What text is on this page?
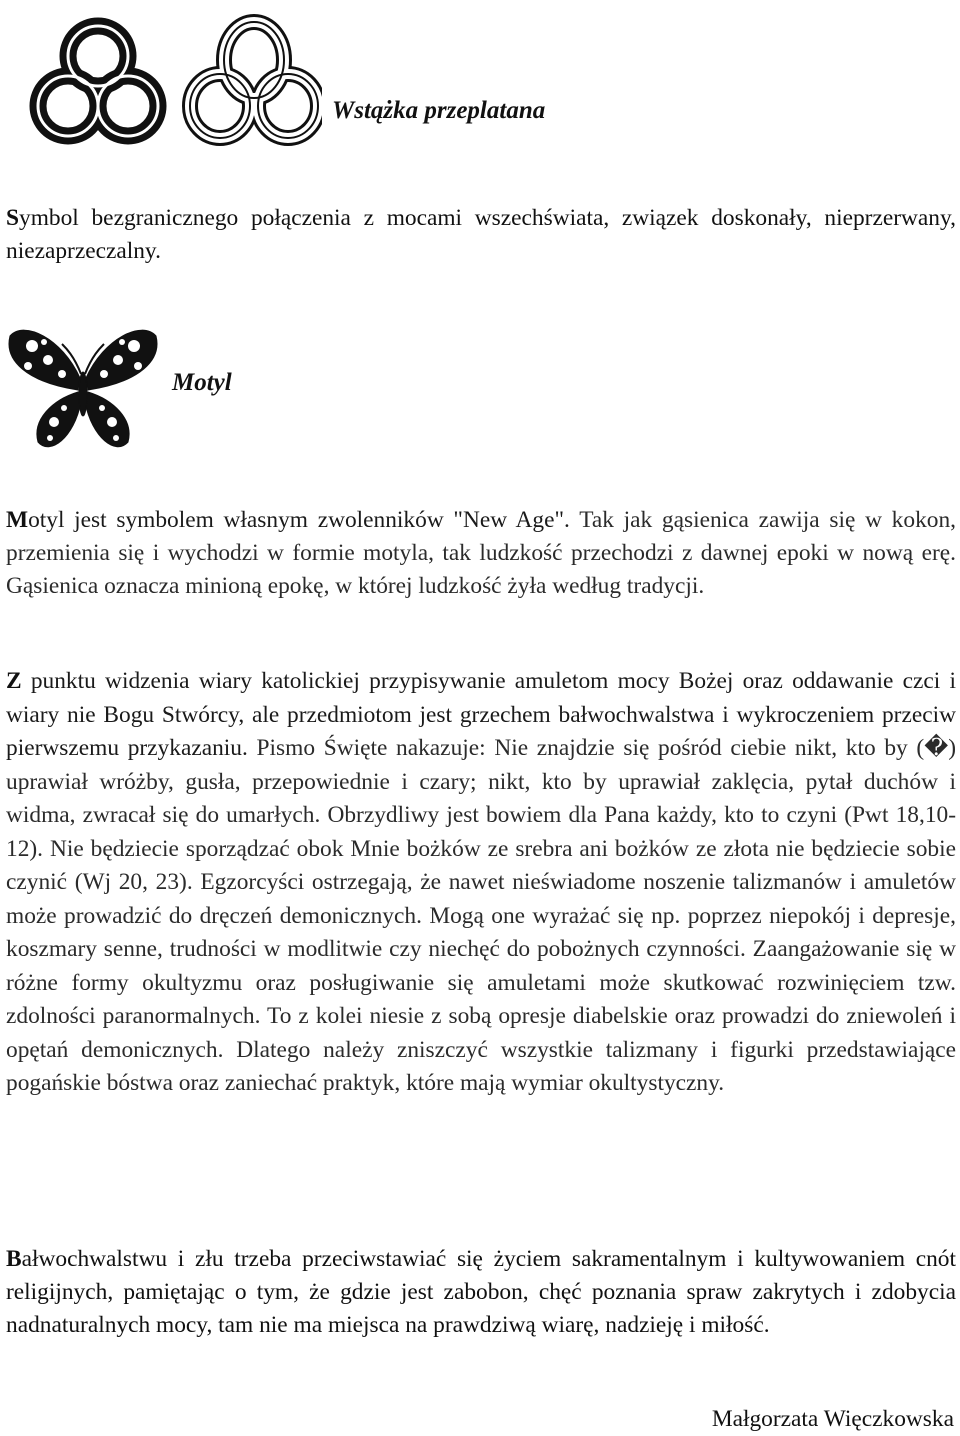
Wstążka przeplatana

Symbol bezgranicznego połączenia z mocami wszechświata, związek doskonały, nieprzerwany, niezaprzeczalny.

Motyl

Motyl jest symbolem własnym zwolenników "New Age". Tak jak gąsienica zawija się w kokon, przemienia się i wychodzi w formie motyla, tak ludzkość przechodzi z dawnej epoki w nową erę. Gąsienica oznacza minioną epokę, w której ludzkość żyła według tradycji.

Z punktu widzenia wiary katolickiej przypisywanie amuletom mocy Bożej oraz oddawanie czci i wiary nie Bogu Stwórcy, ale przedmiotom jest grzechem bałwochwalstwa i wykroczeniem przeciw pierwszemu przykazaniu. Pismo Święte nakazuje: Nie znajdzie się pośród ciebie nikt, kto by (�) uprawiał wróżby, gusła, przepowiednie i czary; nikt, kto by uprawiał zaklęcia, pytał duchów i widma, zwracał się do umarłych. Obrzydliwy jest bowiem dla Pana każdy, kto to czyni (Pwt 18,10-12). Nie będziecie sporządzać obok Mnie bożków ze srebra ani bożków ze złota nie będziecie sobie czynić (Wj 20, 23). Egzorcyści ostrzegają, że nawet nieświadome noszenie talizmanów i amuletów może prowadzić do dręczeń demonicznych. Mogą one wyrażać się np. poprzez niepokój i depresje, koszmary senne, trudności w modlitwie czy niechęć do pobożnych czynności. Zaangażowanie się w różne formy okultyzmu oraz posługiwanie się amuletami może skutkować rozwinięciem tzw. zdolności paranormalnych. To z kolei niesie z sobą opresje diabelskie oraz prowadzi do zniewoleń i opętań demonicznych. Dlatego należy zniszczyć wszystkie talizmany i figurki przedstawiające pogańskie bóstwa oraz zaniechać praktyk, które mają wymiar okultystyczny.

Bałwochwalstwu i złu trzeba przeciwstawiać się życiem sakramentalnym i kultywowaniem cnót religijnych, pamiętając o tym, że gdzie jest zabobon, chęć poznania spraw zakrytych i zdobycia nadnaturalnych mocy, tam nie ma miejsca na prawdziwą wiarę, nadzieję i miłość.

Małgorzata Więczkowska
